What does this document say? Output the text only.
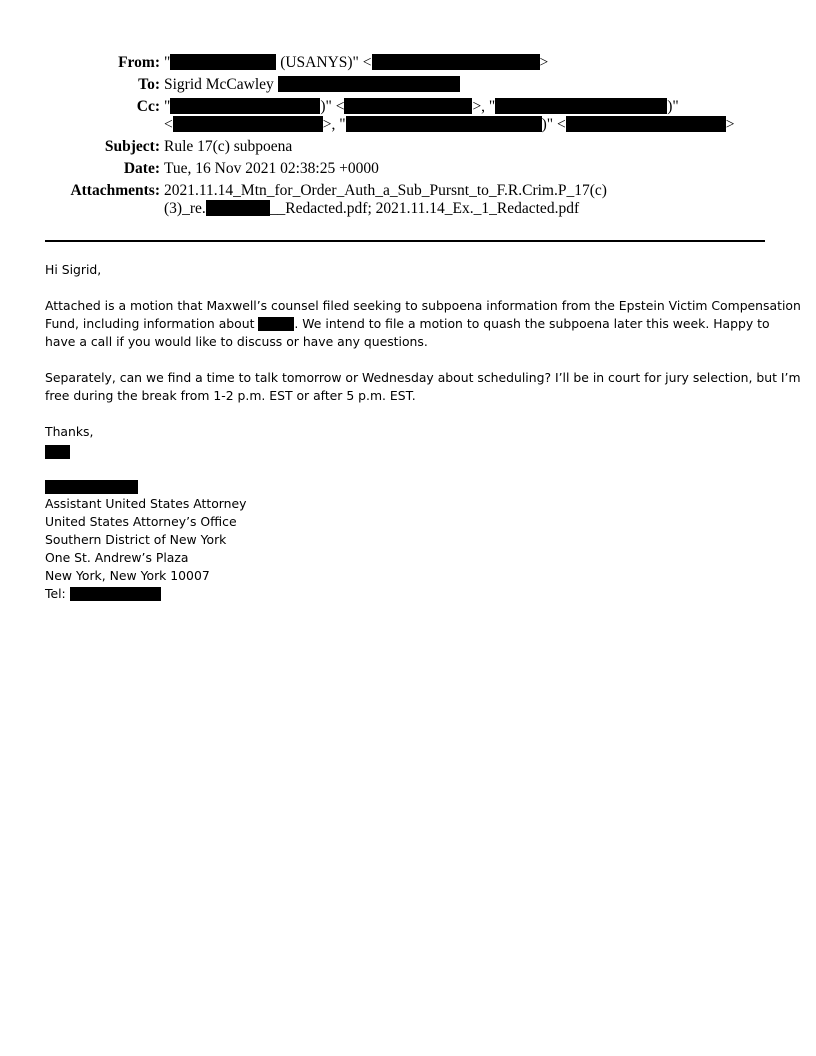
From: "	(USANYS)" <	>
To: Sigrid McCawley
Cc: "	)" <	>, "	)"
<	>, "	)" <	>
Subject: Rule 17(c) subpoena
Date: Tue, 16 Nov 2021 02:38:25 +0000
Attachments: 2021.11.14_Mtn_for_Order_Auth_a_Sub_Pursnt_to_F.R.Crim.P_17(c)
(3)_re.	__Redacted.pdf; 2021.11.14_Ex._1_Redacted.pdf
Hi Sigrid,
Attached is a motion that Maxwell’s counsel filed seeking to subpoena information from the Epstein Victim Compensation
Fund, including information about	. We intend to file a motion to quash the subpoena later this week. Happy to
have a call if you would like to discuss or have any questions.
Separately, can we find a time to talk tomorrow or Wednesday about scheduling? I’ll be in court for jury selection, but I’m
free during the break from 1-2 p.m. EST or after 5 p.m. EST.
Thanks,
Assistant United States Attorney
United States Attorney’s Office
Southern District of New York
One St. Andrew’s Plaza
New York, New York 10007
Tel:
